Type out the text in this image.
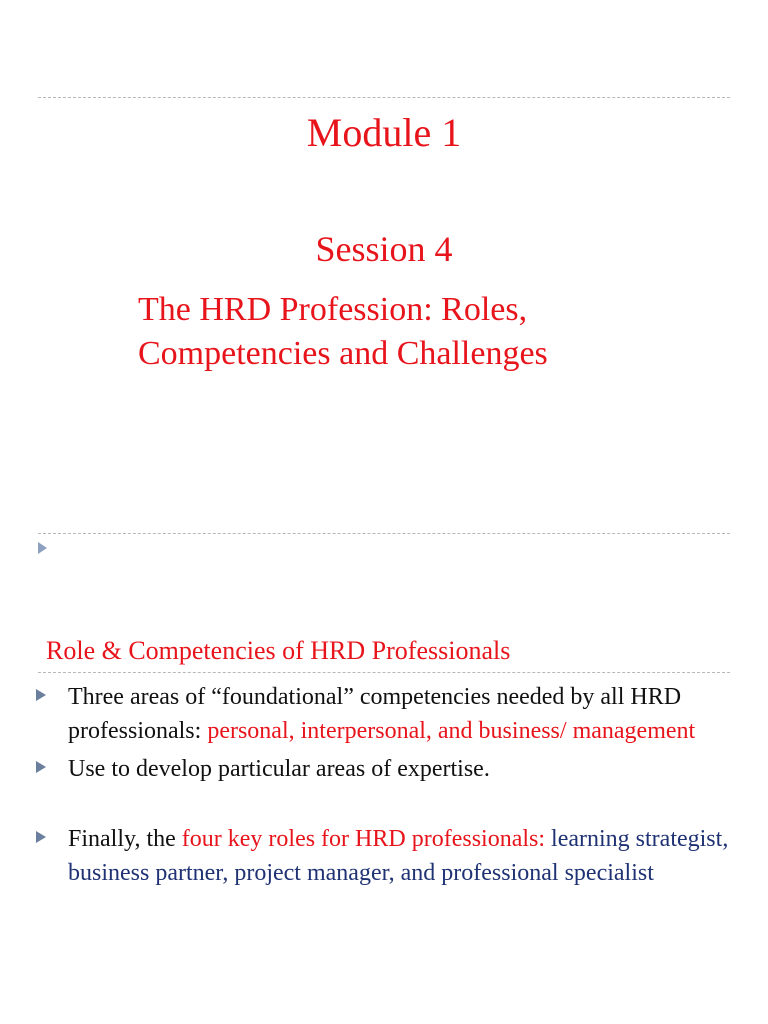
Module 1
Session 4
The HRD Profession: Roles,
Competencies and Challenges
Role & Competencies of HRD Professionals
Three areas of “foundational” competencies needed by all HRD professionals: personal, interpersonal, and business/ management
Use to develop particular areas of expertise.
Finally, the four key roles for HRD professionals: learning strategist, business partner, project manager, and professional specialist
